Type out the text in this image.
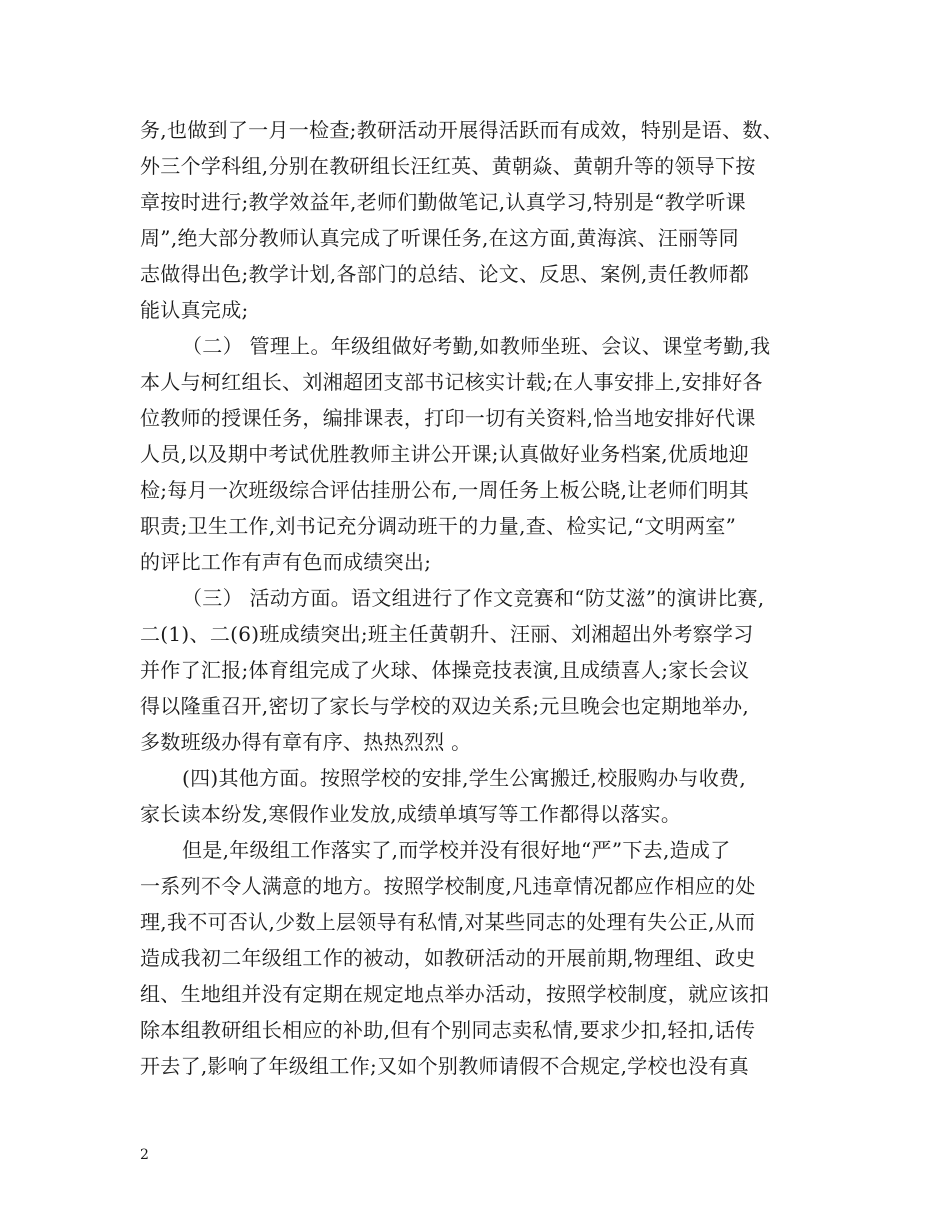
务,也做到了一月一检查;教研活动开展得活跃而有成效，特别是语、数、
外三个学科组,分别在教研组长汪红英、黄朝焱、黄朝升等的领导下按
章按时进行;教学效益年,老师们勤做笔记,认真学习,特别是“教学听课
周”,绝大部分教师认真完成了听课任务,在这方面,黄海滨、汪丽等同
志做得出色;教学计划,各部门的总结、论文、反思、案例,责任教师都
能认真完成;
（二） 管理上。年级组做好考勤,如教师坐班、会议、课堂考勤,我
本人与柯红组长、刘湘超团支部书记核实计载;在人事安排上,安排好各
位教师的授课任务，编排课表，打印一切有关资料,恰当地安排好代课
人员,以及期中考试优胜教师主讲公开课;认真做好业务档案,优质地迎
检;每月一次班级综合评估挂册公布,一周任务上板公晓,让老师们明其
职责;卫生工作,刘书记充分调动班干的力量,查、检实记,“文明两室”
的评比工作有声有色而成绩突出;
（三） 活动方面。语文组进行了作文竞赛和“防艾滋”的演讲比赛,
二(1)、二(6)班成绩突出;班主任黄朝升、汪丽、刘湘超出外考察学习
并作了汇报;体育组完成了火球、体操竞技表演,且成绩喜人;家长会议
得以隆重召开,密切了家长与学校的双边关系;元旦晚会也定期地举办,
多数班级办得有章有序、热热烈烈 。
(四)其他方面。按照学校的安排,学生公寓搬迁,校服购办与收费,
家长读本纷发,寒假作业发放,成绩单填写等工作都得以落实。
但是,年级组工作落实了,而学校并没有很好地“严”下去,造成了
一系列不令人满意的地方。按照学校制度,凡违章情况都应作相应的处
理,我不可否认,少数上层领导有私情,对某些同志的处理有失公正,从而
造成我初二年级组工作的被动，如教研活动的开展前期,物理组、政史
组、生地组并没有定期在规定地点举办活动，按照学校制度，就应该扣
除本组教研组长相应的补助,但有个别同志卖私情,要求少扣,轻扣,话传
开去了,影响了年级组工作;又如个别教师请假不合规定,学校也没有真
2
